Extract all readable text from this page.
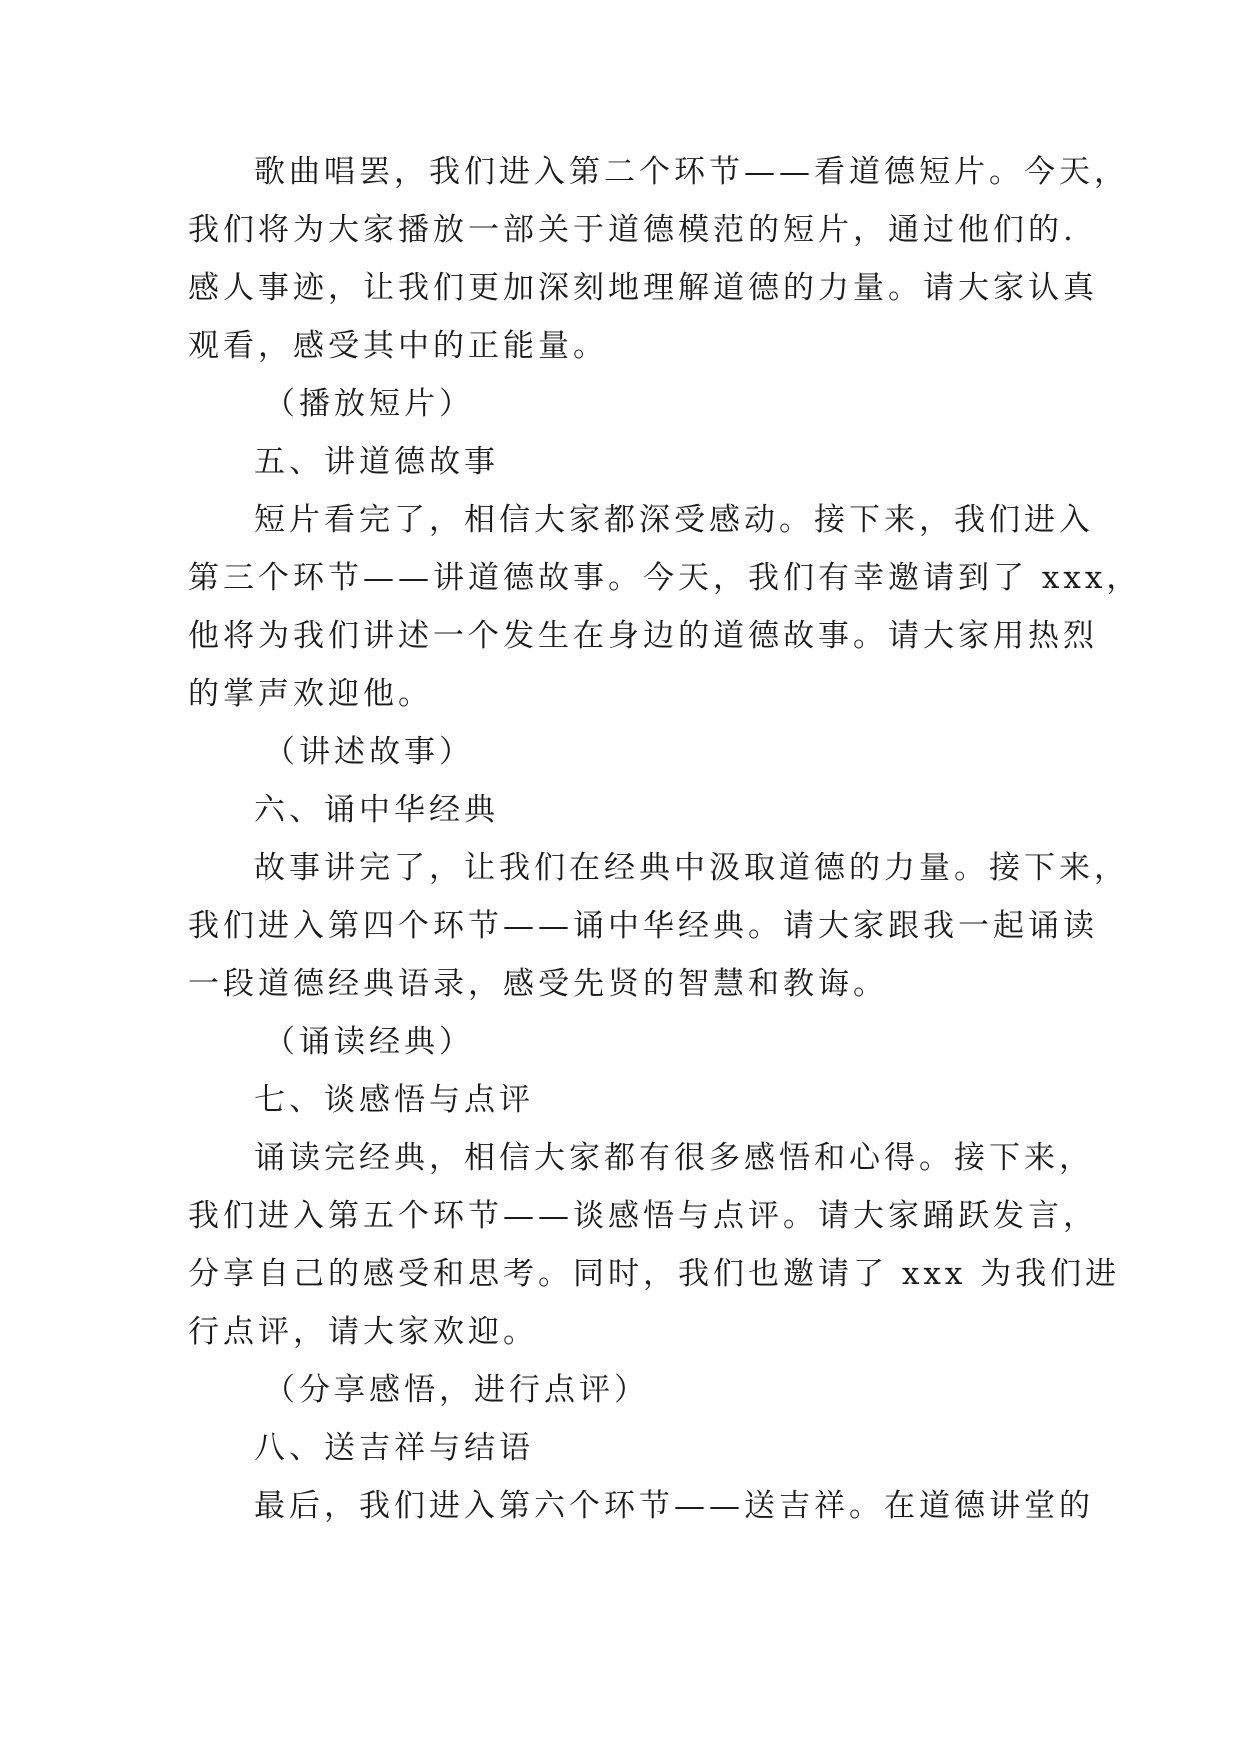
歌曲唱罢，我们进入第二个环节——看道德短片。今天，
我们将为大家播放一部关于道德模范的短片，通过他们的.
感人事迹，让我们更加深刻地理解道德的力量。请大家认真
观看，感受其中的正能量。
（播放短片）
五、讲道德故事
短片看完了，相信大家都深受感动。接下来，我们进入
第三个环节——讲道德故事。今天，我们有幸邀请到了 xxx，
他将为我们讲述一个发生在身边的道德故事。请大家用热烈
的掌声欢迎他。
（讲述故事）
六、诵中华经典
故事讲完了，让我们在经典中汲取道德的力量。接下来，
我们进入第四个环节——诵中华经典。请大家跟我一起诵读
一段道德经典语录，感受先贤的智慧和教诲。
（诵读经典）
七、谈感悟与点评
诵读完经典，相信大家都有很多感悟和心得。接下来，
我们进入第五个环节——谈感悟与点评。请大家踊跃发言，
分享自己的感受和思考。同时，我们也邀请了 xxx 为我们进
行点评，请大家欢迎。
（分享感悟，进行点评）
八、送吉祥与结语
最后，我们进入第六个环节——送吉祥。在道德讲堂的
